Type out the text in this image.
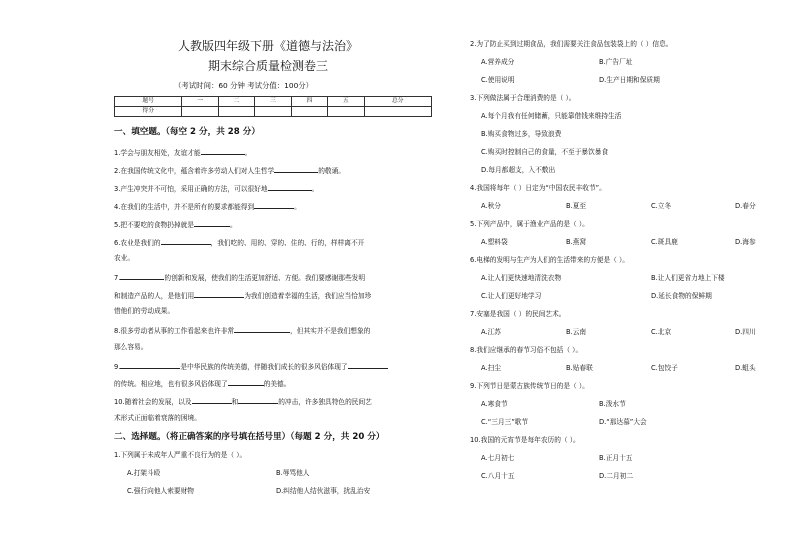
人教版四年级下册《道德与法治》
期末综合质量检测卷三
（考试时间：60 分钟 考试分值：100分）
题号	一	二	三	四	五	总分
得分						
一、填空题。（每空 2 分，共 28 分）
1.学会与朋友相处，友谊才能	。
2.在我国传统文化中，蕴含着许多劳动人们对人生哲学	的敬诵。
3.产生冲突并不可怕，采用正确的方法，可以很好地	。
4.在我们的生活中，并不是所有的要求都能得到	。
5.把不要吃的食物扔掉就是	。
6.农业是我们的	，我们吃的、用的、穿的、住的、行的，样样离不开
农业。
7.	的创新和发展，使我们的生活更加舒适、方便。我们要感谢那些发明
和制造产品的人，是他们用	为我们创造着幸福的生活，我们应当恰加珍
惜他们的劳动成果。
8.很多劳动者从事的工作看起来也许非常	，但其实并不是我们想象的
那么容易。
9.	是中华民族的传统美德，伴随我们成长的很多风俗体现了
的传统。相应地，也有很多风俗体现了	的美德。
10.随着社会的发展，以及	和	的冲击，许多独具特色的民间艺
术形式正面临着衰落的困境。
二、选择题。（将正确答案的序号填在括号里）（每题 2 分，共 20 分）
1.下列属于未成年人严重不良行为的是（ ）。
A.打架斗殴	B.辱骂他人
C.强行向他人索要财物	D.纠结他人结伙滋事，扰乱治安
2.为了防止买到过期食品，我们需要关注食品包装袋上的（ ）信息。
A.营养成分	B.广告厂址
C.使用说明	D.生产日期和保质期
3.下列做法属于合理消费的是（ ）。
A.每个月我有任何储蓄，只能靠借钱来维持生活
B.购买食物过多，导致浪费
C.购买时控制自己的食量，不至于暴饮暴食
D.每月都超支，入不敷出
4.我国将每年（ ）日定为“中国农民丰收节”。
A.秋分	B.夏至	C.立冬	D.春分
5.下列产品中，属于渔业产品的是（ ）。
A.塑料袋	B.燕窝	C.斑具鹿	D.海参
6.电梯的发明与生产为人们的生活带来的方便是（ ）。
A.让人们更快速地清洗衣物	B.让人们更省力地上下楼
C.让人们更好地学习	D.延长食物的保鲜期
7.安塞是我国（ ）的民间艺术。
A.江苏	B.云南	C.北京	D.四川
8.我们应继承的春节习俗不包括（ ）。
A.扫尘	B.贴春联	C.包饺子	D.蛆头
9.下列节日是蒙古族传统节日的是（ ）。
A.寒食节	B.泼水节
C.“三月三”歌节	D.“那达慕”大会
10.我国的元宵节是每年农历的（ ）。
A.七月初七	B.正月十五
C.八月十五	D.二月初二
